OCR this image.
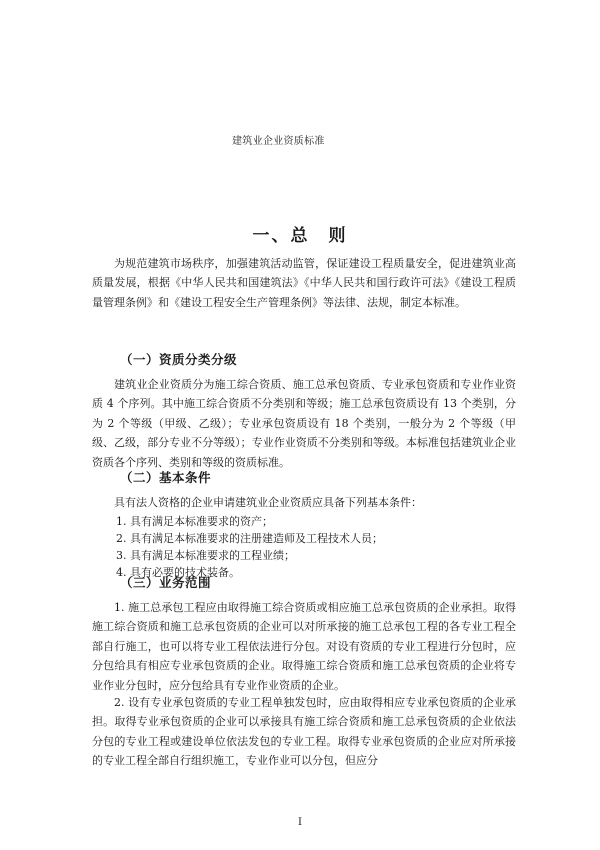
建筑业企业资质标准
一、总　则

为规范建筑市场秩序，加强建筑活动监管，保证建设工程质量安全，促进建筑业高质量发展，根据《中华人民共和国建筑法》《中华人民共和国行政许可法》《建设工程质量管理条例》和《建设工程安全生产管理条例》等法律、法规，制定本标准。

（一）资质分类分级

建筑业企业资质分为施工综合资质、施工总承包资质、专业承包资质和专业作业资质 4 个序列。其中施工综合资质不分类别和等级；施工总承包资质设有 13 个类别，分为 2 个等级（甲级、乙级）；专业承包资质设有 18 个类别，一般分为 2 个等级（甲级、乙级，部分专业不分等级）；专业作业资质不分类别和等级。本标准包括建筑业企业资质各个序列、类别和等级的资质标准。

（二）基本条件

具有法人资格的企业申请建筑业企业资质应具备下列基本条件：

1. 具有满足本标准要求的资产；
2. 具有满足本标准要求的注册建造师及工程技术人员；
3. 具有满足本标准要求的工程业绩；
4. 具有必要的技术装备。
（三）业务范围

1. 施工总承包工程应由取得施工综合资质或相应施工总承包资质的企业承担。取得施工综合资质和施工总承包资质的企业可以对所承接的施工总承包工程的各专业工程全部自行施工，也可以将专业工程依法进行分包。对设有资质的专业工程进行分包时，应分包给具有相应专业承包资质的企业。取得施工综合资质和施工总承包资质的企业将专业作业分包时，应分包给具有专业作业资质的企业。

2. 设有专业承包资质的专业工程单独发包时，应由取得相应专业承包资质的企业承担。取得专业承包资质的企业可以承接具有施工综合资质和施工总承包资质的企业依法分包的专业工程或建设单位依法发包的专业工程。取得专业承包资质的企业应对所承接的专业工程全部自行组织施工，专业作业可以分包，但应分

I
